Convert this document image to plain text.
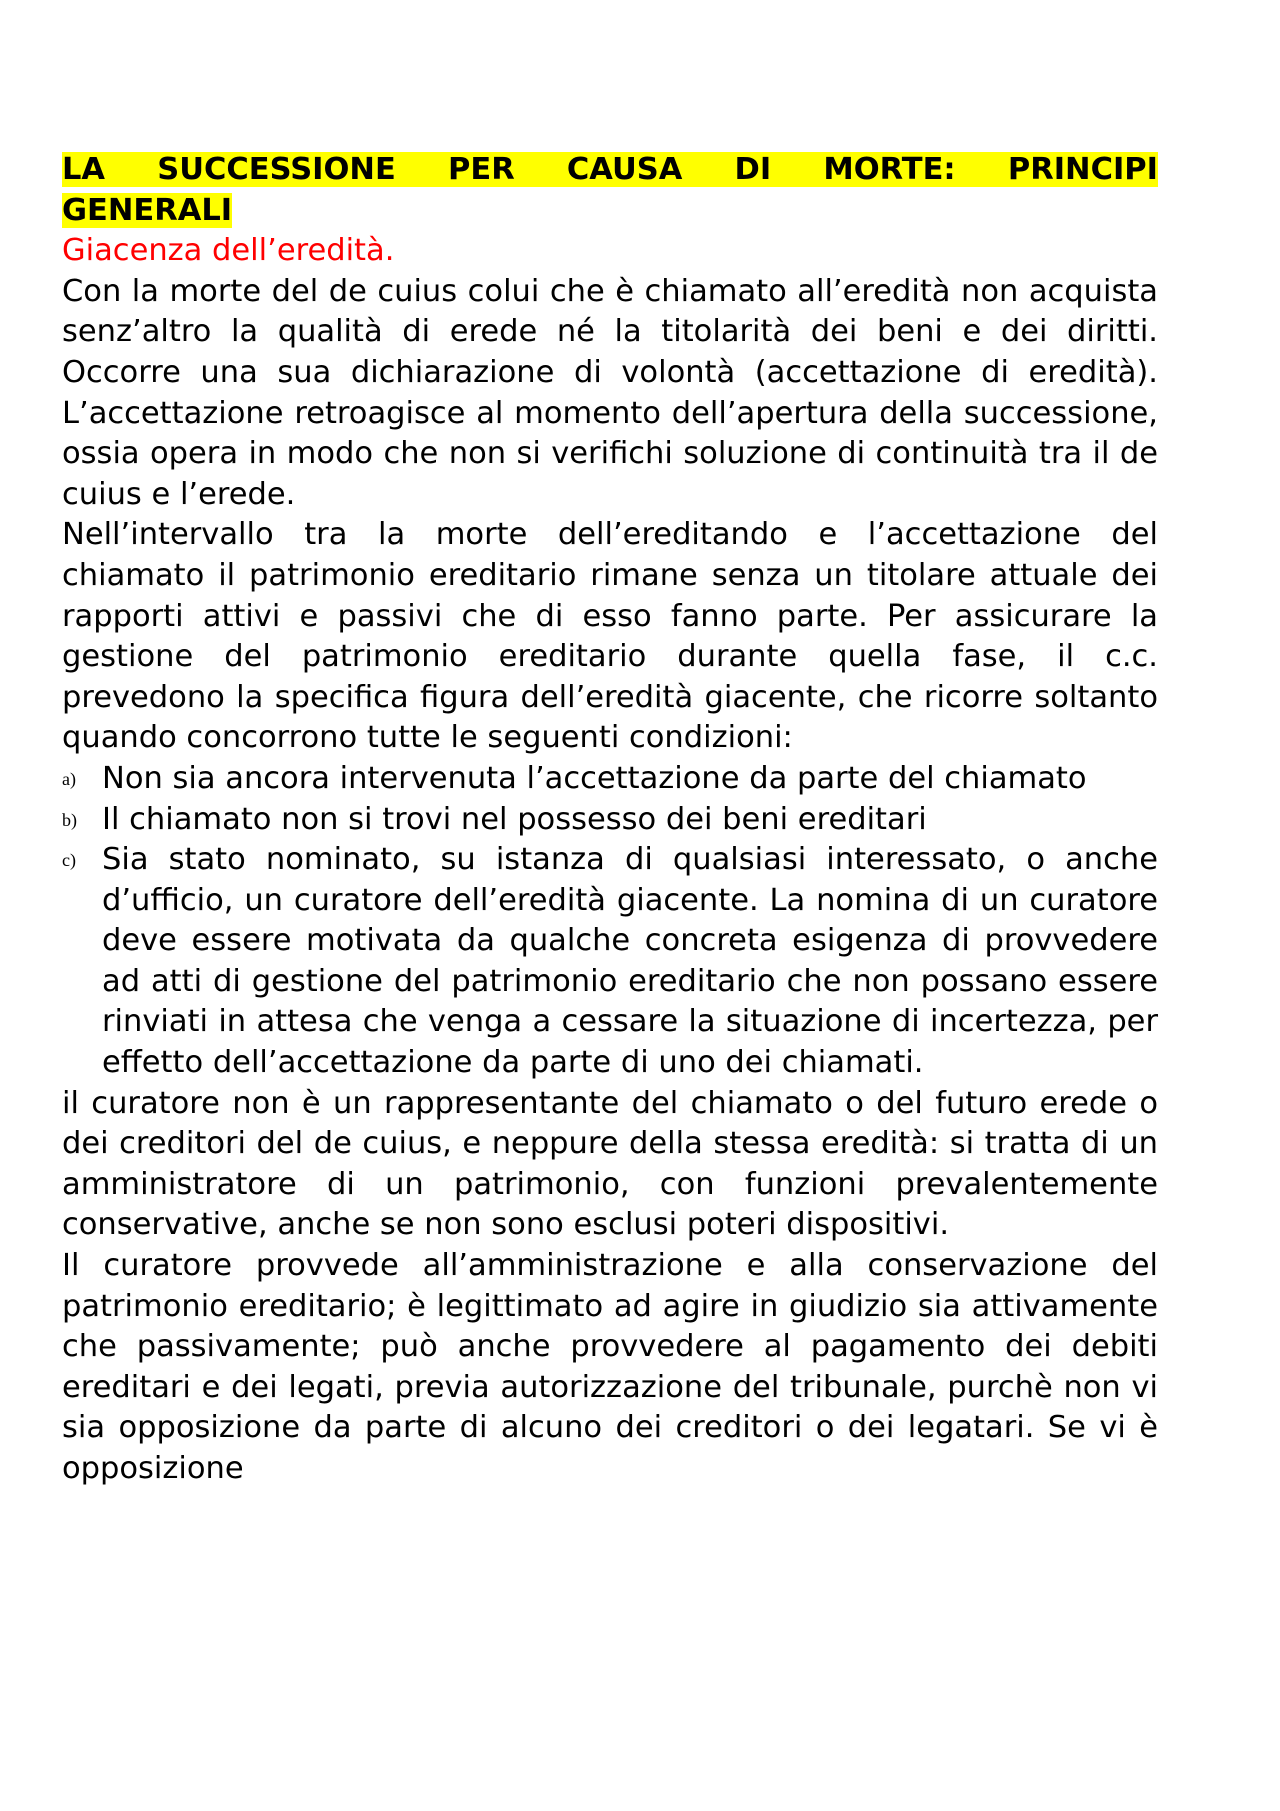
LA SUCCESSIONE PER CAUSA DI MORTE: PRINCIPI
GENERALI
Giacenza dell’eredità.

Con la morte del de cuius colui che è chiamato all’eredità non acquista senz’altro la qualità di erede né la titolarità dei beni e dei diritti. Occorre una sua dichiarazione di volontà (accettazione di eredità). L’accettazione retroagisce al momento dell’apertura della successione, ossia opera in modo che non si verifichi soluzione di continuità tra il de cuius e l’erede.

Nell’intervallo tra la morte dell’ereditando e l’accettazione del chiamato il patrimonio ereditario rimane senza un titolare attuale dei rapporti attivi e passivi che di esso fanno parte. Per assicurare la gestione del patrimonio ereditario durante quella fase, il c.c. prevedono la specifica figura dell’eredità giacente, che ricorre soltanto quando concorrono tutte le seguenti condizioni:

a) Non sia ancora intervenuta l’accettazione da parte del chiamato
b) Il chiamato non si trovi nel possesso dei beni ereditari
c) Sia stato nominato, su istanza di qualsiasi interessato, o anche d’ufficio, un curatore dell’eredità giacente. La nomina di un curatore deve essere motivata da qualche concreta esigenza di provvedere ad atti di gestione del patrimonio ereditario che non possano essere rinviati in attesa che venga a cessare la situazione di incertezza, per effetto dell’accettazione da parte di uno dei chiamati.

il curatore non è un rappresentante del chiamato o del futuro erede o dei creditori del de cuius, e neppure della stessa eredità: si tratta di un amministratore di un patrimonio, con funzioni prevalentemente conservative, anche se non sono esclusi poteri dispositivi.

Il curatore provvede all’amministrazione e alla conservazione del patrimonio ereditario; è legittimato ad agire in giudizio sia attivamente che passivamente; può anche provvedere al pagamento dei debiti ereditari e dei legati, previa autorizzazione del tribunale, purchè non vi sia opposizione da parte di alcuno dei creditori o dei legatari. Se vi è opposizione
